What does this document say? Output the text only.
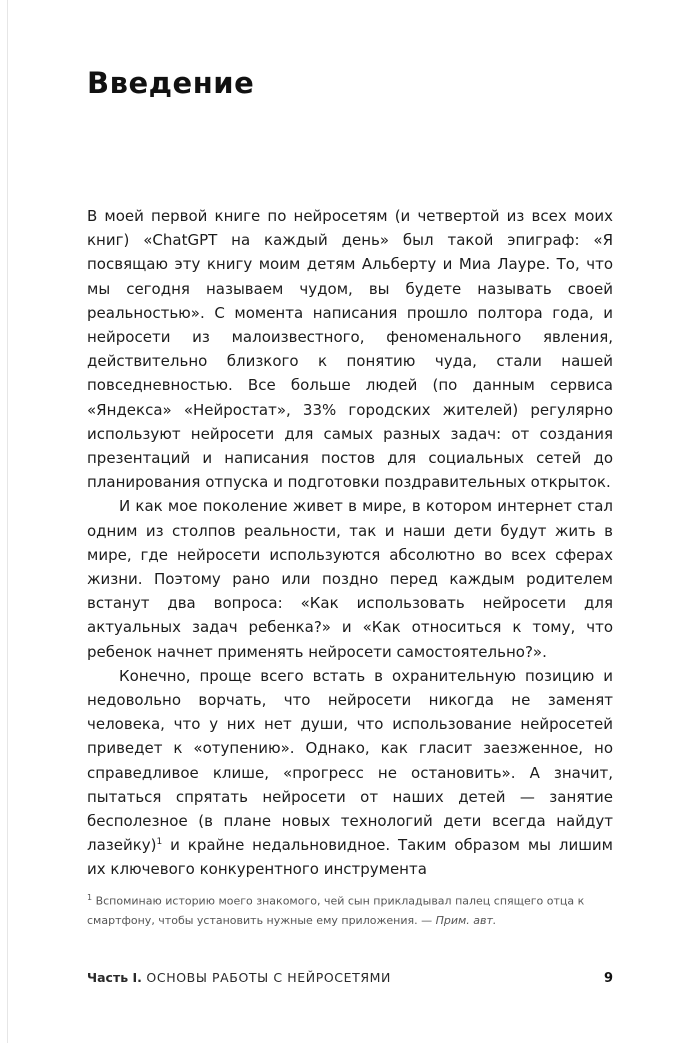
Введение

В моей первой книге по нейросетям (и четвертой из всех моих книг) «ChatGPT на каждый день» был такой эпиграф: «Я посвящаю эту книгу моим детям Альберту и Миа Лауре. То, что мы сегодня называем чудом, вы будете называть своей реальностью». С момента написания прошло полтора года, и нейросети из малоизвестного, феноменального явления, действительно близкого к понятию чуда, стали нашей повседневностью. Все больше людей (по данным сервиса «Яндекса» «Нейростат», 33% городских жителей) регулярно используют нейросети для самых разных задач: от создания презентаций и написания постов для социальных сетей до планирования отпуска и подготовки поздравительных открыток.

И как мое поколение живет в мире, в котором интернет стал одним из столпов реальности, так и наши дети будут жить в мире, где нейросети используются абсолютно во всех сферах жизни. Поэтому рано или поздно перед каждым родителем встанут два вопроса: «Как использовать нейросети для актуальных задач ребенка?» и «Как относиться к тому, что ребенок начнет применять нейросети самостоятельно?».

Конечно, проще всего встать в охранительную позицию и недовольно ворчать, что нейросети никогда не заменят человека, что у них нет души, что использование нейросетей приведет к «отупению». Однако, как гласит заезженное, но справедливое клише, «прогресс не остановить». А значит, пытаться спрятать нейросети от наших детей — занятие бесполезное (в плане новых технологий дети всегда найдут лазейку)$^1$ и крайне недальновидное. Таким образом мы лишим их ключевого конкурентного инструмента

$^1$ Вспоминаю историю моего знакомого, чей сын прикладывал палец спящего отца к смартфону, чтобы установить нужные ему приложения. — Прим. авт.
Часть I. ОСНОВЫ РАБОТЫ С НЕЙРОСЕТЯМИ	9
